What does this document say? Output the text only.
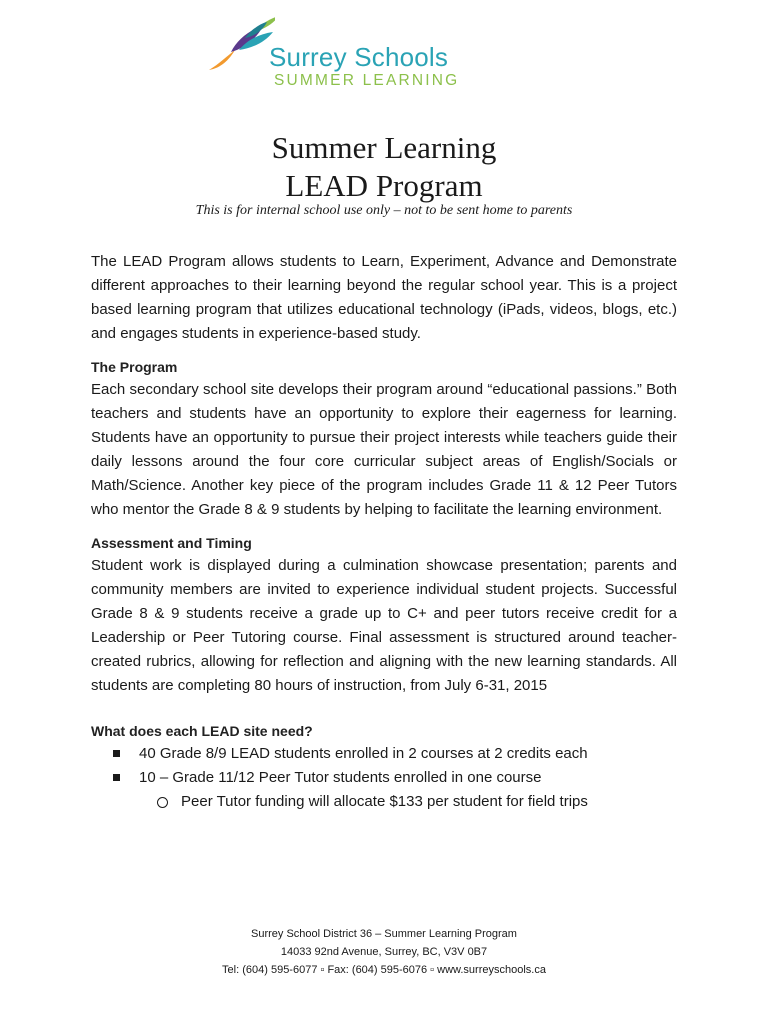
Surrey Schools
SUMMER LEARNING
Summer Learning
LEAD Program
This is for internal school use only – not to be sent home to parents

The LEAD Program allows students to Learn, Experiment, Advance and Demonstrate different approaches to their learning beyond the regular school year. This is a project based learning program that utilizes educational technology (iPads, videos, blogs, etc.) and engages students in experience-based study.

The Program

Each secondary school site develops their program around “educational passions.” Both teachers and students have an opportunity to explore their eagerness for learning. Students have an opportunity to pursue their project interests while teachers guide their daily lessons around the four core curricular subject areas of English/Socials or Math/Science. Another key piece of the program includes Grade 11 & 12 Peer Tutors who mentor the Grade 8 & 9 students by helping to facilitate the learning environment.

Assessment and Timing

Student work is displayed during a culmination showcase presentation; parents and community members are invited to experience individual student projects. Successful Grade 8 & 9 students receive a grade up to C+ and peer tutors receive credit for a Leadership or Peer Tutoring course. Final assessment is structured around teacher-created rubrics, allowing for reflection and aligning with the new learning standards. All students are completing 80 hours of instruction, from July 6-31, 2015

What does each LEAD site need?
40 Grade 8/9 LEAD students enrolled in 2 courses at 2 credits each
10 – Grade 11/12 Peer Tutor students enrolled in one course
Peer Tutor funding will allocate $133 per student for field trips
Surrey School District 36 – Summer Learning Program
14033 92nd Avenue, Surrey, BC, V3V 0B7
Tel: (604) 595-6077 ▫ Fax: (604) 595-6076 ▫ www.surreyschools.ca
